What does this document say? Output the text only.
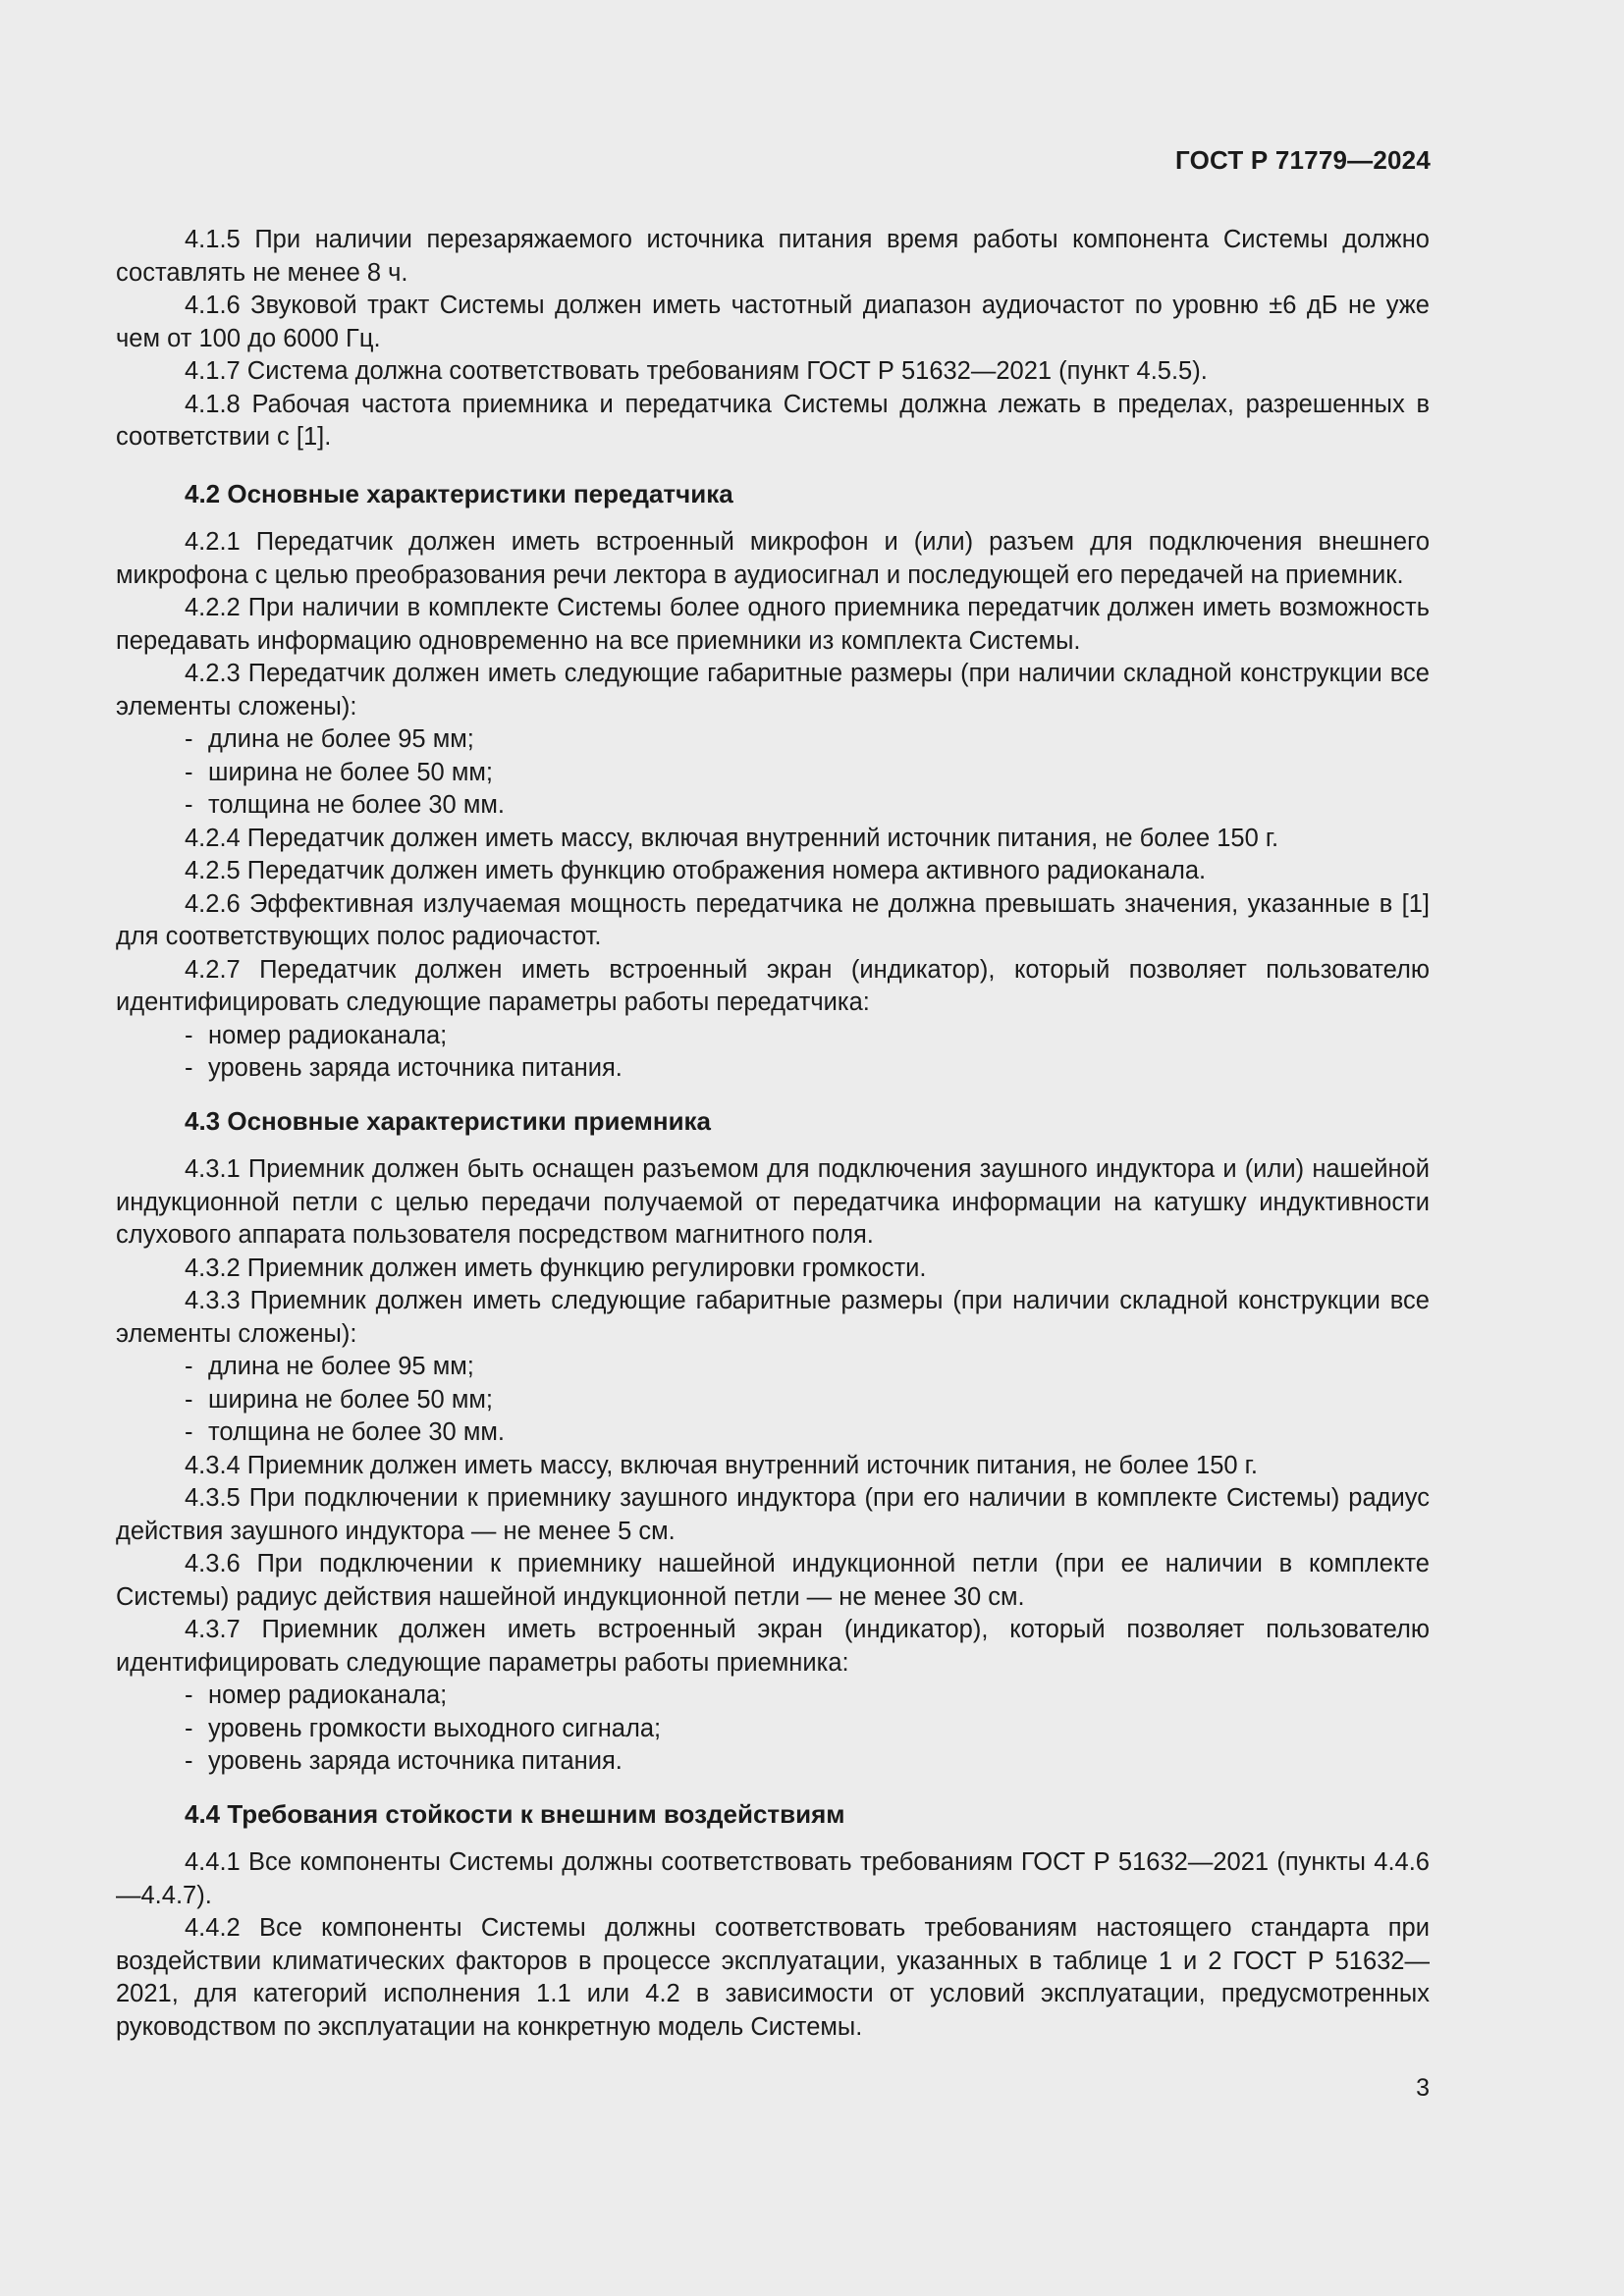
ГОСТ Р 71779—2024

4.1.5 При наличии перезаряжаемого источника питания время работы компонента Системы должно составлять не менее 8 ч.

4.1.6 Звуковой тракт Системы должен иметь частотный диапазон аудиочастот по уровню ±6 дБ не уже чем от 100 до 6000 Гц.

4.1.7 Система должна соответствовать требованиям ГОСТ Р 51632—2021 (пункт 4.5.5).

4.1.8 Рабочая частота приемника и передатчика Системы должна лежать в пределах, разрешенных в соответствии с [1].

4.2 Основные характеристики передатчика

4.2.1 Передатчик должен иметь встроенный микрофон и (или) разъем для подключения внешнего микрофона с целью преобразования речи лектора в аудиосигнал и последующей его передачей на приемник.

4.2.2 При наличии в комплекте Системы более одного приемника передатчик должен иметь возможность передавать информацию одновременно на все приемники из комплекта Системы.

4.2.3 Передатчик должен иметь следующие габаритные размеры (при наличии складной конструкции все элементы сложены):

- длина не более 95 мм;

- ширина не более 50 мм;

- толщина не более 30 мм.

4.2.4 Передатчик должен иметь массу, включая внутренний источник питания, не более 150 г.

4.2.5 Передатчик должен иметь функцию отображения номера активного радиоканала.

4.2.6 Эффективная излучаемая мощность передатчика не должна превышать значения, указанные в [1] для соответствующих полос радиочастот.

4.2.7 Передатчик должен иметь встроенный экран (индикатор), который позволяет пользователю идентифицировать следующие параметры работы передатчика:

- номер радиоканала;

- уровень заряда источника питания.

4.3 Основные характеристики приемника

4.3.1 Приемник должен быть оснащен разъемом для подключения заушного индуктора и (или) нашейной индукционной петли с целью передачи получаемой от передатчика информации на катушку индуктивности слухового аппарата пользователя посредством магнитного поля.

4.3.2 Приемник должен иметь функцию регулировки громкости.

4.3.3 Приемник должен иметь следующие габаритные размеры (при наличии складной конструкции все элементы сложены):

- длина не более 95 мм;

- ширина не более 50 мм;

- толщина не более 30 мм.

4.3.4 Приемник должен иметь массу, включая внутренний источник питания, не более 150 г.

4.3.5 При подключении к приемнику заушного индуктора (при его наличии в комплекте Системы) радиус действия заушного индуктора — не менее 5 см.

4.3.6 При подключении к приемнику нашейной индукционной петли (при ее наличии в комплекте Системы) радиус действия нашейной индукционной петли — не менее 30 см.

4.3.7 Приемник должен иметь встроенный экран (индикатор), который позволяет пользователю идентифицировать следующие параметры работы приемника:

- номер радиоканала;

- уровень громкости выходного сигнала;

- уровень заряда источника питания.

4.4 Требования стойкости к внешним воздействиям

4.4.1 Все компоненты Системы должны соответствовать требованиям ГОСТ Р 51632—2021 (пункты 4.4.6—4.4.7).

4.4.2 Все компоненты Системы должны соответствовать требованиям настоящего стандарта при воздействии климатических факторов в процессе эксплуатации, указанных в таблице 1 и 2 ГОСТ Р 51632—2021, для категорий исполнения 1.1 или 4.2 в зависимости от условий эксплуатации, предусмотренных руководством по эксплуатации на конкретную модель Системы.

3
